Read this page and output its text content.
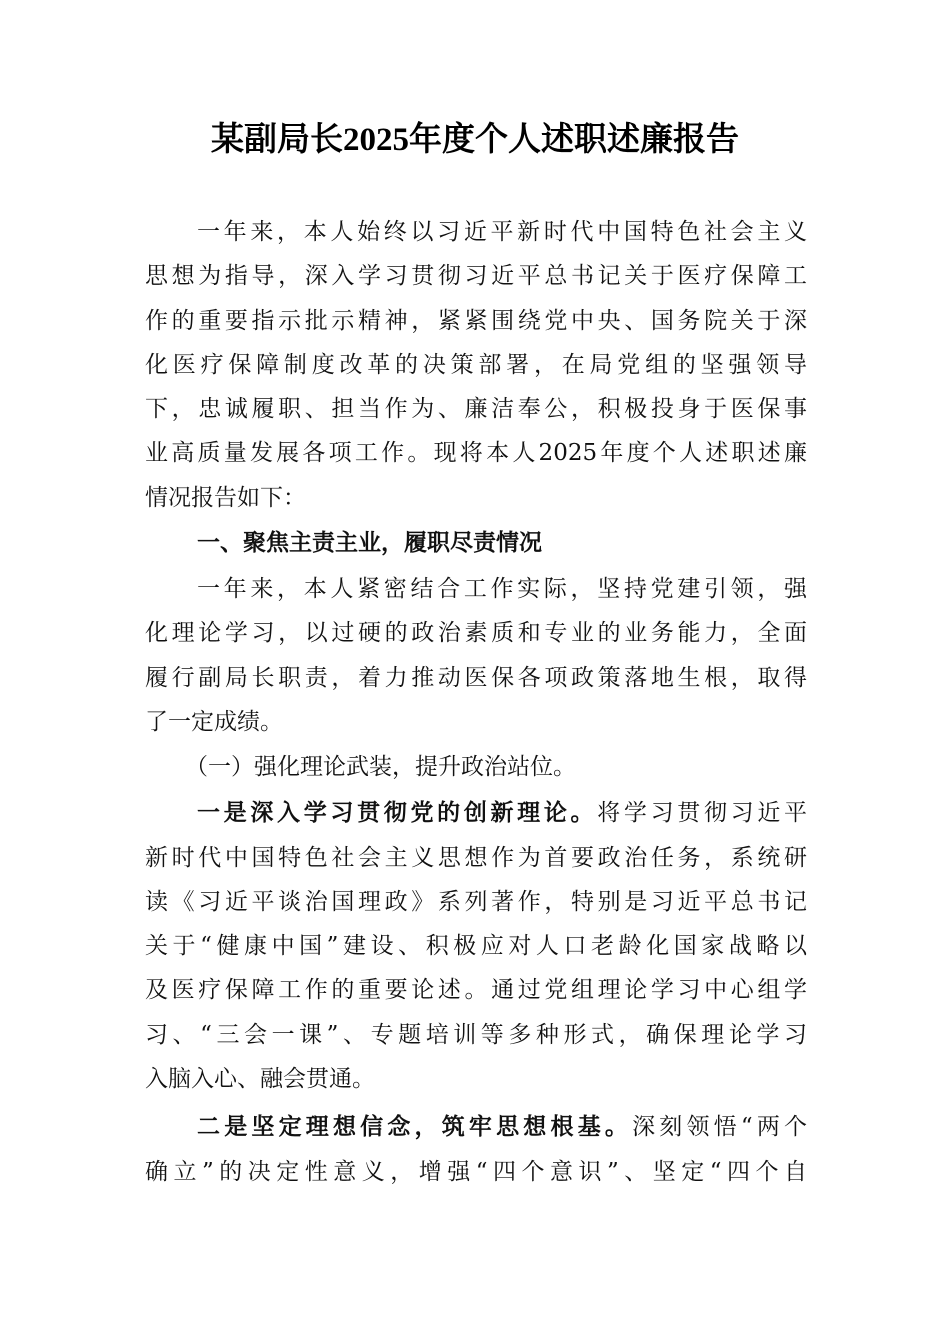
某副局长2025年度个人述职述廉报告
一年来，本人始终以习近平新时代中国特色社会主义
思想为指导，深入学习贯彻习近平总书记关于医疗保障工
作的重要指示批示精神，紧紧围绕党中央、国务院关于深
化医疗保障制度改革的决策部署，在局党组的坚强领导
下，忠诚履职、担当作为、廉洁奉公，积极投身于医保事
业高质量发展各项工作。现将本人2025年度个人述职述廉
情况报告如下：
一、聚焦主责主业，履职尽责情况
一年来，本人紧密结合工作实际，坚持党建引领，强
化理论学习，以过硬的政治素质和专业的业务能力，全面
履行副局长职责，着力推动医保各项政策落地生根，取得
了一定成绩。
（一）强化理论武装，提升政治站位。
一是深入学习贯彻党的创新理论。将学习贯彻习近平
新时代中国特色社会主义思想作为首要政治任务，系统研
读《习近平谈治国理政》系列著作，特别是习近平总书记
关于“健康中国”建设、积极应对人口老龄化国家战略以
及医疗保障工作的重要论述。通过党组理论学习中心组学
习、“三会一课”、专题培训等多种形式，确保理论学习
入脑入心、融会贯通。
二是坚定理想信念，筑牢思想根基。深刻领悟“两个
确立”的决定性意义，增强“四个意识”、坚定“四个自
